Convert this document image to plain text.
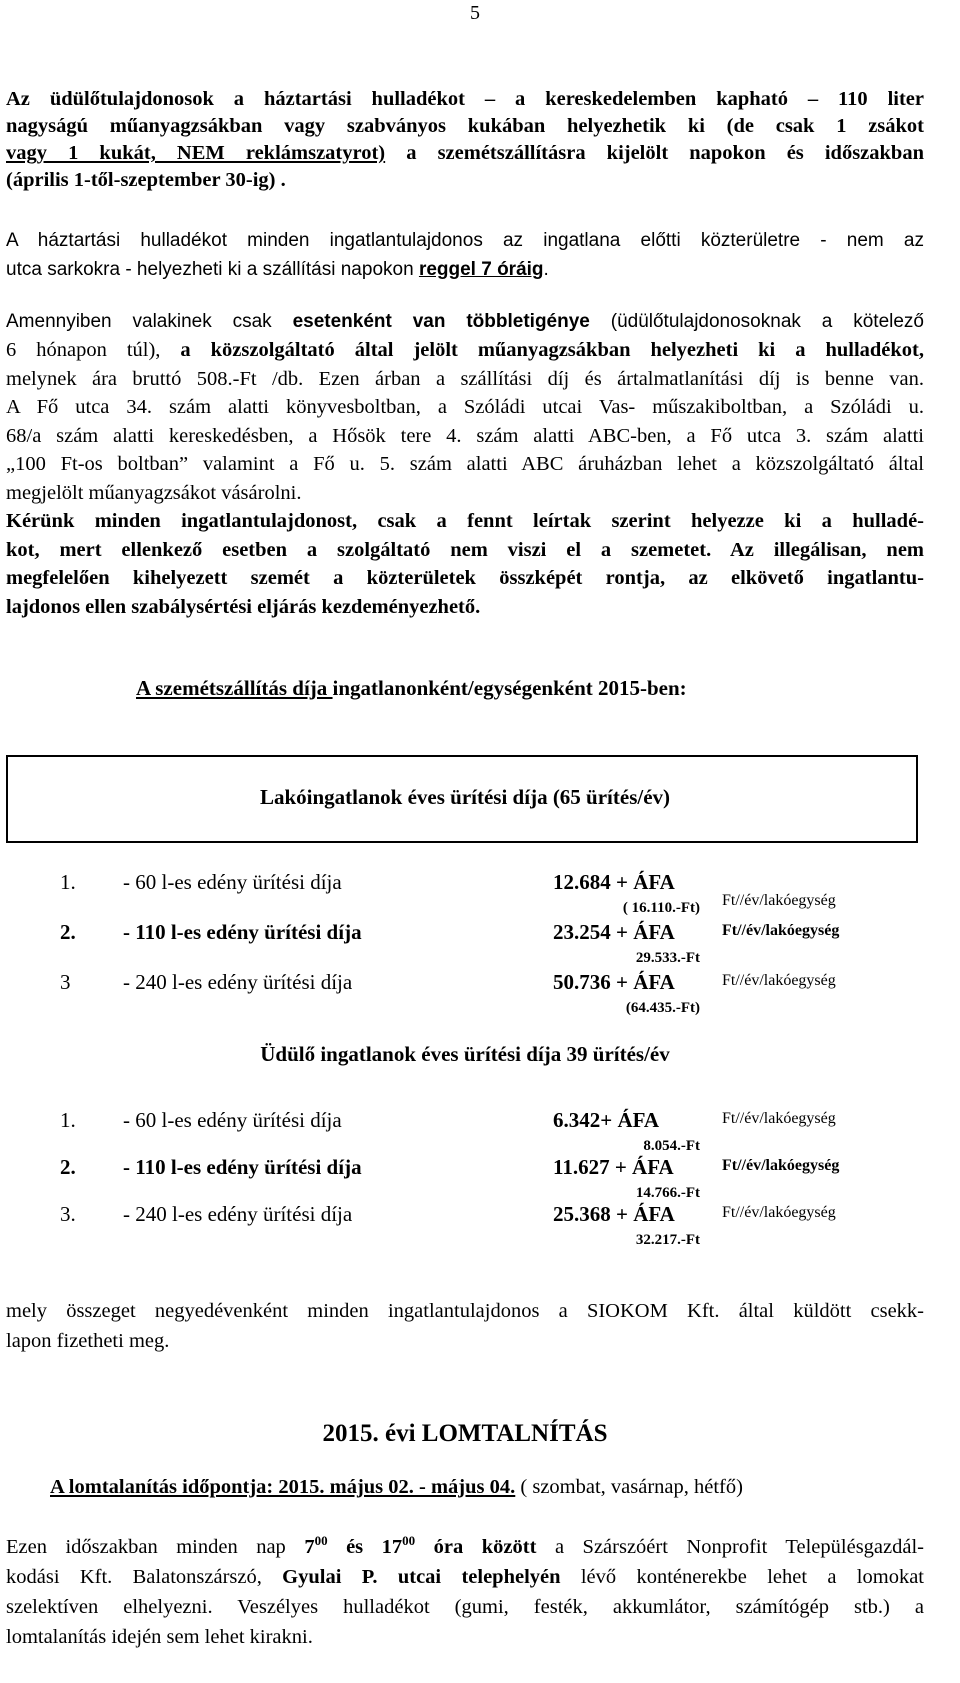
5
Az üdülőtulajdonosok a háztartási hulladékot – a kereskedelemben kapható – 110 liter
nagyságú műanyagzsákban vagy szabványos kukában helyezhetik ki (de csak 1 zsákot
vagy 1 kukát, NEM reklámszatyrot) a szemétszállításra kijelölt napokon és időszakban
(április 1-től-szeptember 30-ig) .
A háztartási hulladékot minden ingatlantulajdonos az ingatlana előtti közterületre - nem az
utca sarkokra - helyezheti ki a szállítási napokon reggel 7 óráig.
Amennyiben valakinek csak esetenként van többletigénye (üdülőtulajdonosoknak a kötelező
6 hónapon túl), a közszolgáltató által jelölt műanyagzsákban helyezheti ki a hulladékot,
melynek ára bruttó 508.-Ft /db. Ezen árban a szállítási díj és ártalmatlanítási díj is benne van.
A Fő utca 34. szám alatti könyvesboltban, a Szóládi utcai Vas- műszakiboltban, a Szóládi u.
68/a szám alatti kereskedésben, a Hősök tere 4. szám alatti ABC-ben, a Fő utca 3. szám alatti
„100 Ft-os boltban” valamint a Fő u. 5. szám alatti ABC áruházban lehet a közszolgáltató által
megjelölt műanyagzsákot vásárolni.
Kérünk minden ingatlantulajdonost, csak a fennt leírtak szerint helyezze ki a hulladé-
kot, mert ellenkező esetben a szolgáltató nem viszi el a szemetet. Az illegálisan, nem
megfelelően kihelyezett szemét a közterületek összképét rontja, az elkövető ingatlantu-
lajdonos ellen szabálysértési eljárás kezdeményezhető.
A szemétszállítás díja ingatlanonként/egységenként 2015-ben:
Lakóingatlanok éves ürítési díja (65 ürítés/év)
1. - 60 l-es edény ürítési díja	12.684 + ÁFA
( 16.110.-Ft) Ft//év/lakóegység
2. - 110 l-es edény ürítési díja	23.254 + ÁFA
29.533.-Ft
Ft//év/lakóegység
3	- 240 l-es edény ürítési díja	50.736 + ÁFA
(64.435.-Ft)
Ft//év/lakóegység
Üdülő ingatlanok éves ürítési díja 39 ürítés/év
1. - 60 l-es edény ürítési díja	6.342+ ÁFA
8.054.-Ft
Ft//év/lakóegység
2. - 110 l-es edény ürítési díja	11.627 + ÁFA
14.766.-Ft
Ft//év/lakóegység
3. - 240 l-es edény ürítési díja	25.368 + ÁFA
32.217.-Ft
Ft//év/lakóegység
mely összeget negyedévenként minden ingatlantulajdonos a SIOKOM Kft. által küldött csekk-
lapon fizetheti meg.
2015. évi LOMTALNÍTÁS
A lomtalanítás időpontja: 2015. május 02. - május 04. ( szombat, vasárnap, hétfő)
Ezen időszakban minden nap $7^{00}$ és $17^{00}$ óra között a Szárszóért Nonprofit Településgazdál-
kodási Kft. Balatonszárszó, Gyulai P. utcai telephelyén lévő konténerekbe lehet a lomokat
szelektíven elhelyezni. Veszélyes hulladékot (gumi, festék, akkumlátor, számítógép stb.) a
lomtalanítás idején sem lehet kirakni.
